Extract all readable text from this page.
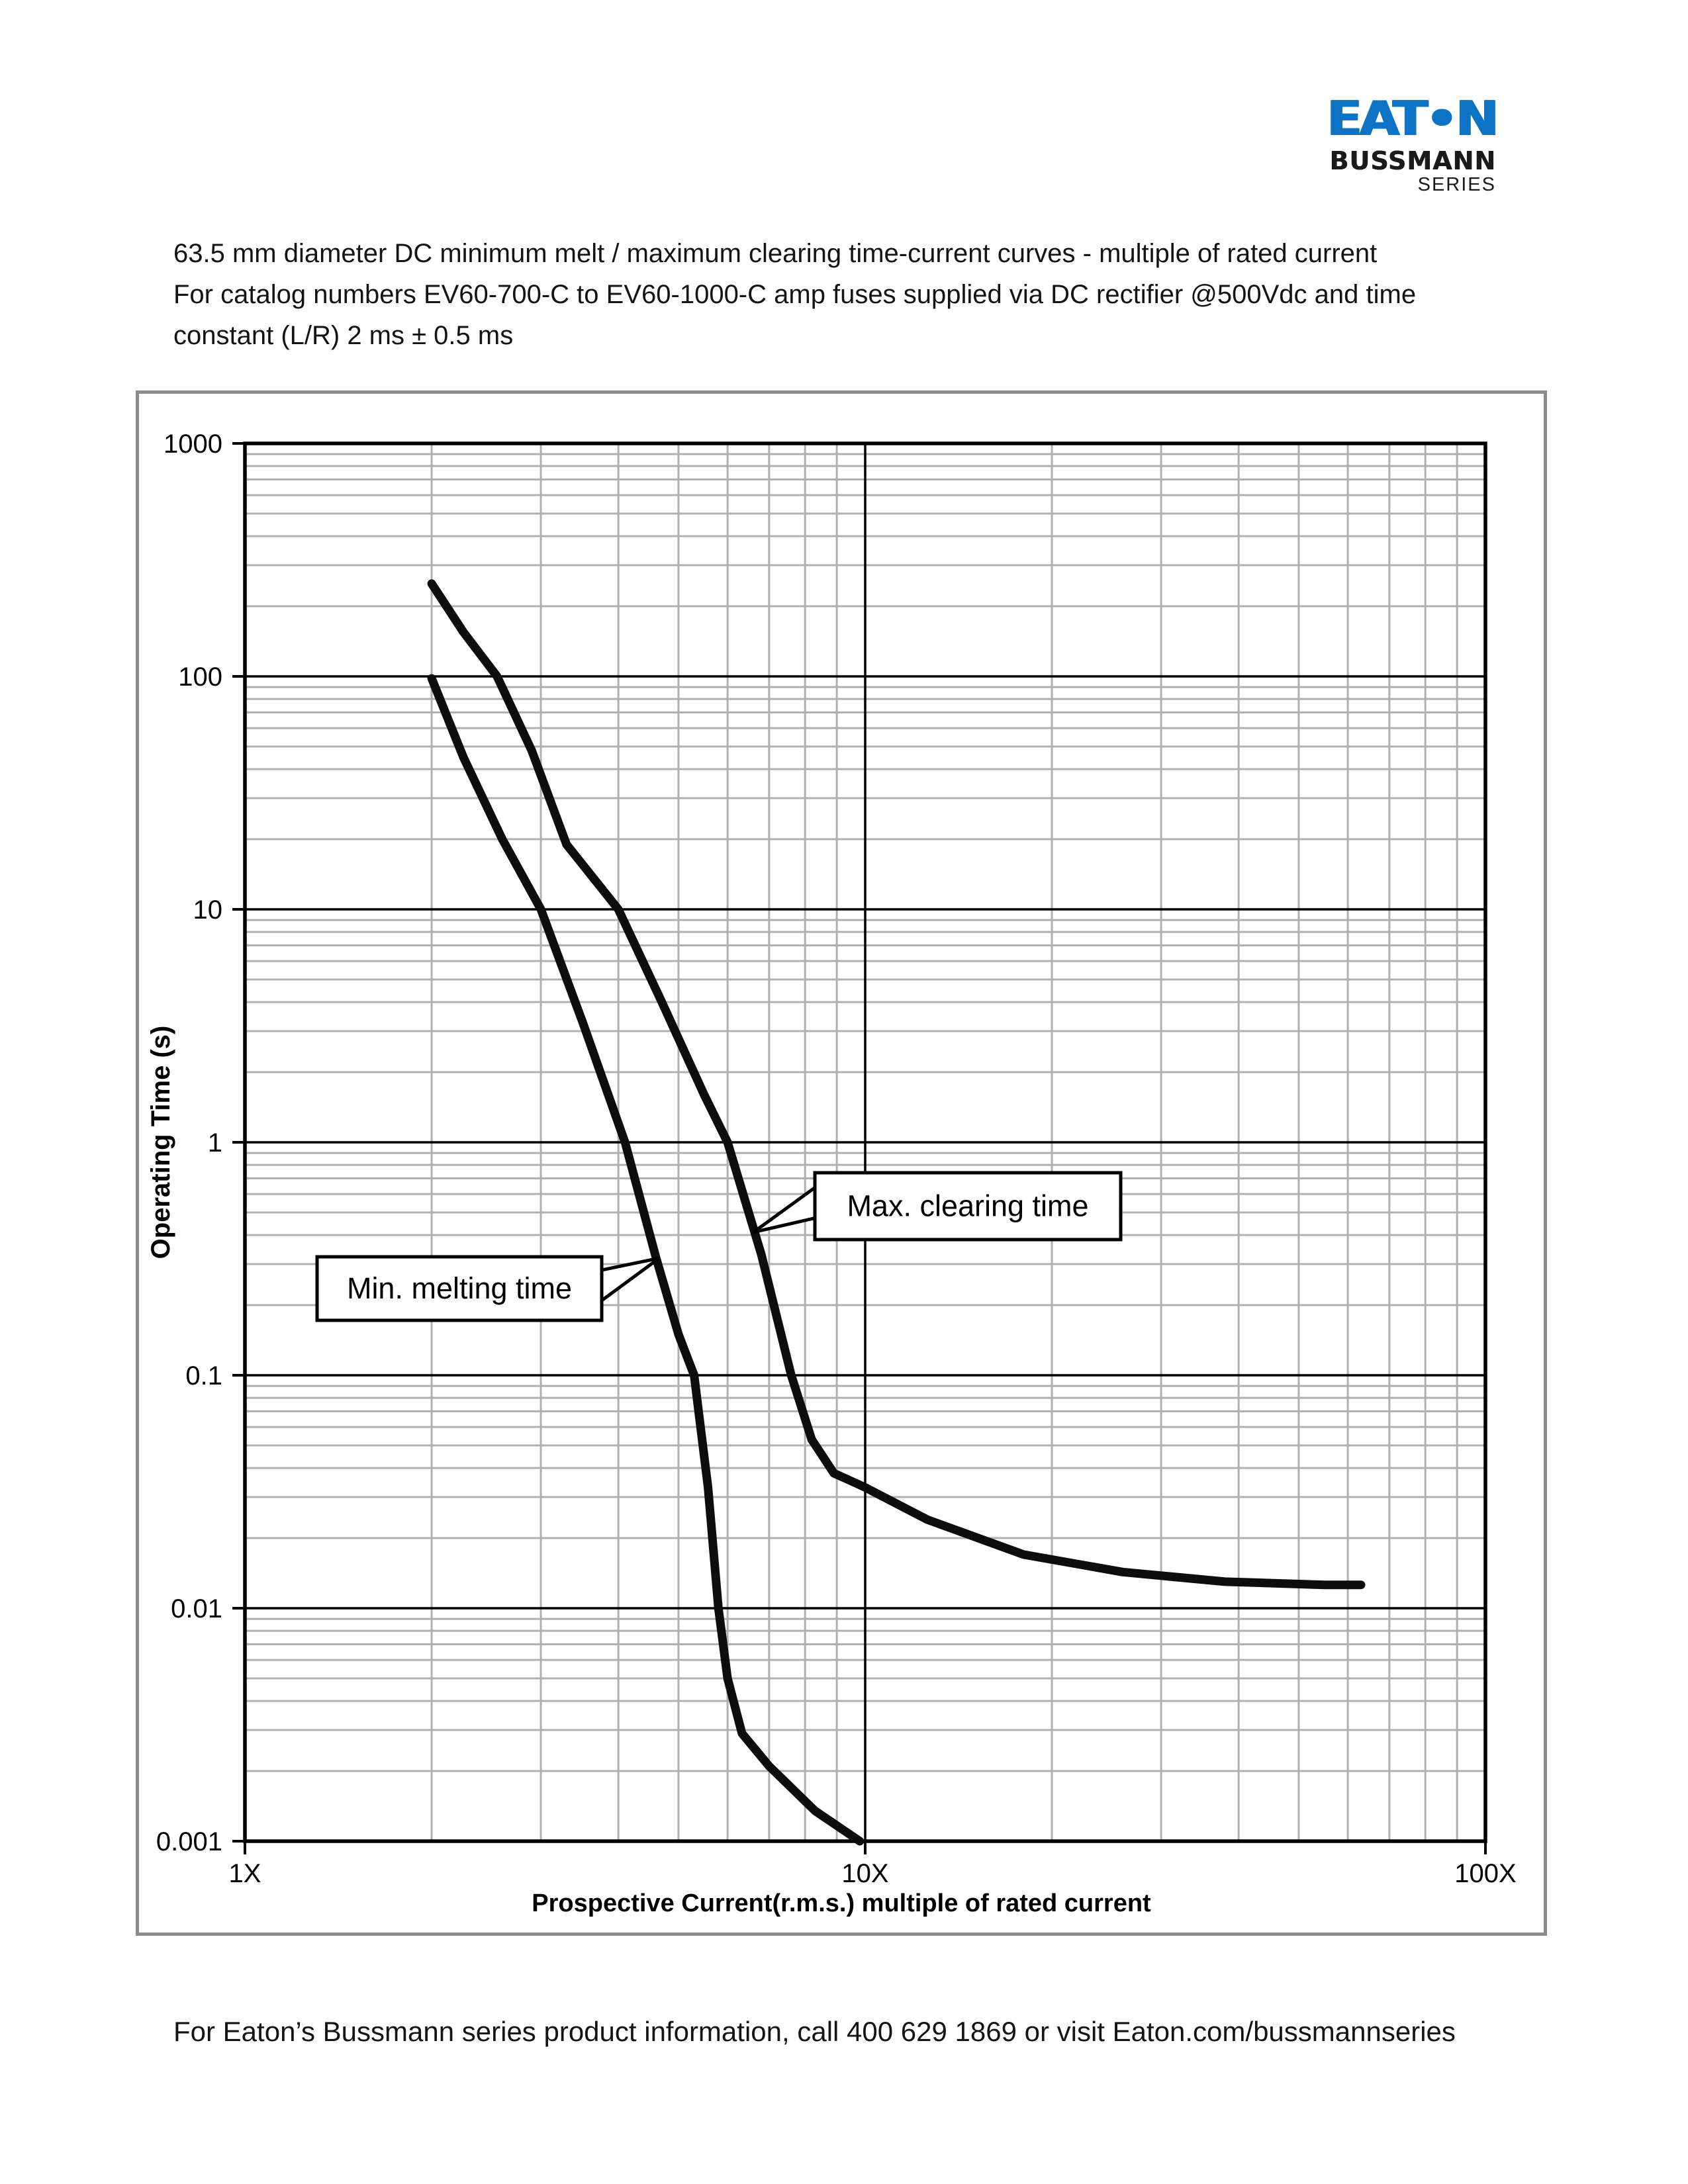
EAT•N
BUSSMANN
SERIES
63.5 mm diameter DC minimum melt / maximum clearing time-current curves - multiple of rated current
For catalog numbers EV60-700-C to EV60-1000-C amp fuses supplied via DC rectifier @500Vdc and time
constant (L/R) 2 ms ± 0.5 ms
1000
100
10
1
0.1
0.01
0.001
1X	10X	100X
Operating Time (s)
Prospective Current(r.m.s.) multiple of rated current
Min. melting time
Max. clearing time
For Eaton’s Bussmann series product information, call 400 629 1869 or visit Eaton.com/bussmannseries
